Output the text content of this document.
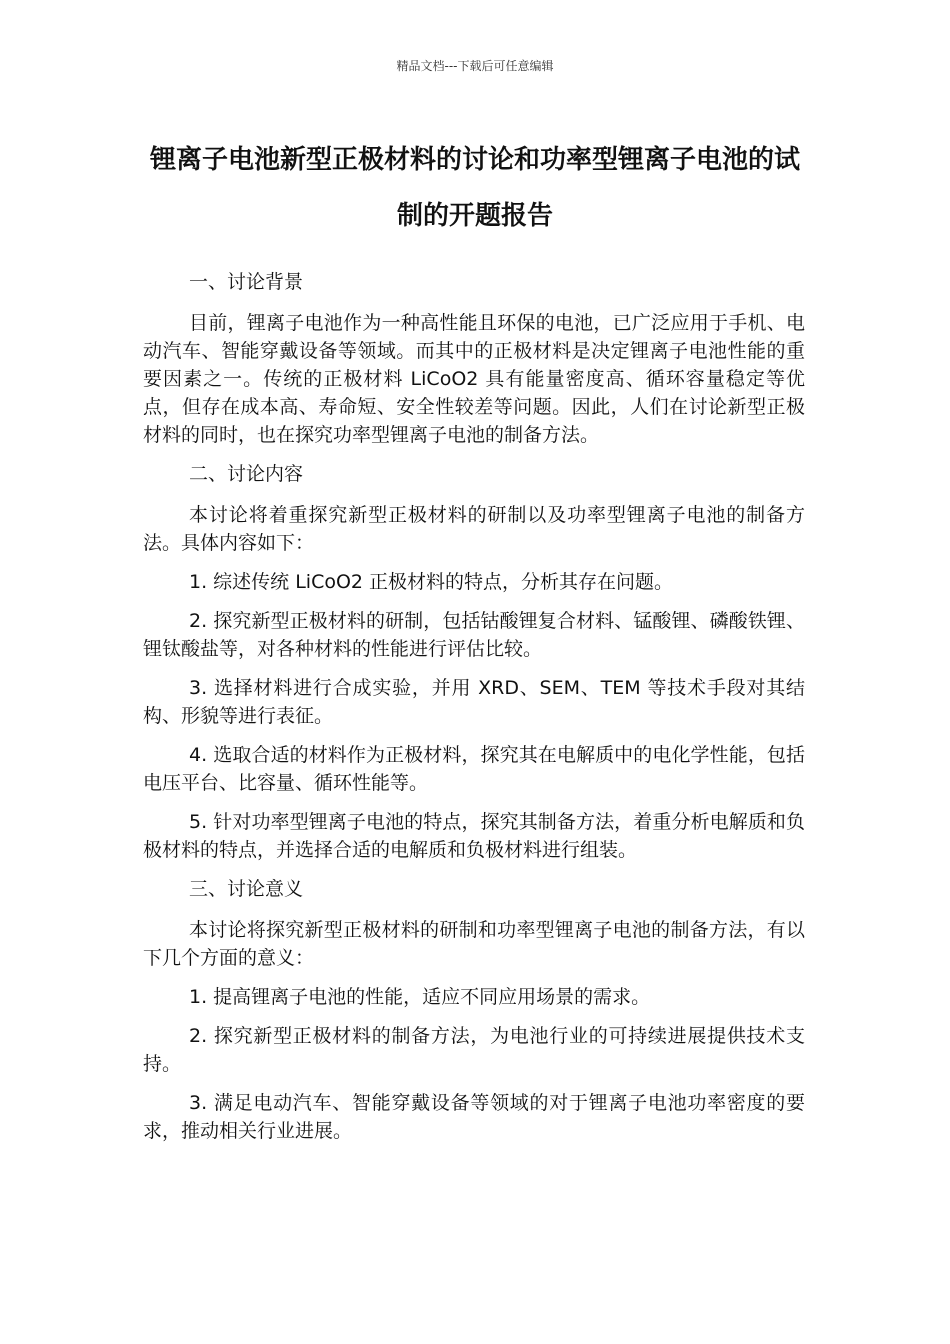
精品文档---下载后可任意编辑
锂离子电池新型正极材料的讨论和功率型锂离子电池的试制的开题报告
一、讨论背景

目前，锂离子电池作为一种高性能且环保的电池，已广泛应用于手机、电动汽车、智能穿戴设备等领域。而其中的正极材料是决定锂离子电池性能的重要因素之一。传统的正极材料 LiCoO2 具有能量密度高、循环容量稳定等优点，但存在成本高、寿命短、安全性较差等问题。因此，人们在讨论新型正极材料的同时，也在探究功率型锂离子电池的制备方法。

二、讨论内容

本讨论将着重探究新型正极材料的研制以及功率型锂离子电池的制备方法。具体内容如下：

1. 综述传统 LiCoO2 正极材料的特点，分析其存在问题。

2. 探究新型正极材料的研制，包括钴酸锂复合材料、锰酸锂、磷酸铁锂、锂钛酸盐等，对各种材料的性能进行评估比较。

3. 选择材料进行合成实验，并用 XRD、SEM、TEM 等技术手段对其结构、形貌等进行表征。

4. 选取合适的材料作为正极材料，探究其在电解质中的电化学性能，包括电压平台、比容量、循环性能等。

5. 针对功率型锂离子电池的特点，探究其制备方法，着重分析电解质和负极材料的特点，并选择合适的电解质和负极材料进行组装。

三、讨论意义

本讨论将探究新型正极材料的研制和功率型锂离子电池的制备方法，有以下几个方面的意义：

1. 提高锂离子电池的性能，适应不同应用场景的需求。

2. 探究新型正极材料的制备方法，为电池行业的可持续进展提供技术支持。

3. 满足电动汽车、智能穿戴设备等领域的对于锂离子电池功率密度的要求，推动相关行业进展。
